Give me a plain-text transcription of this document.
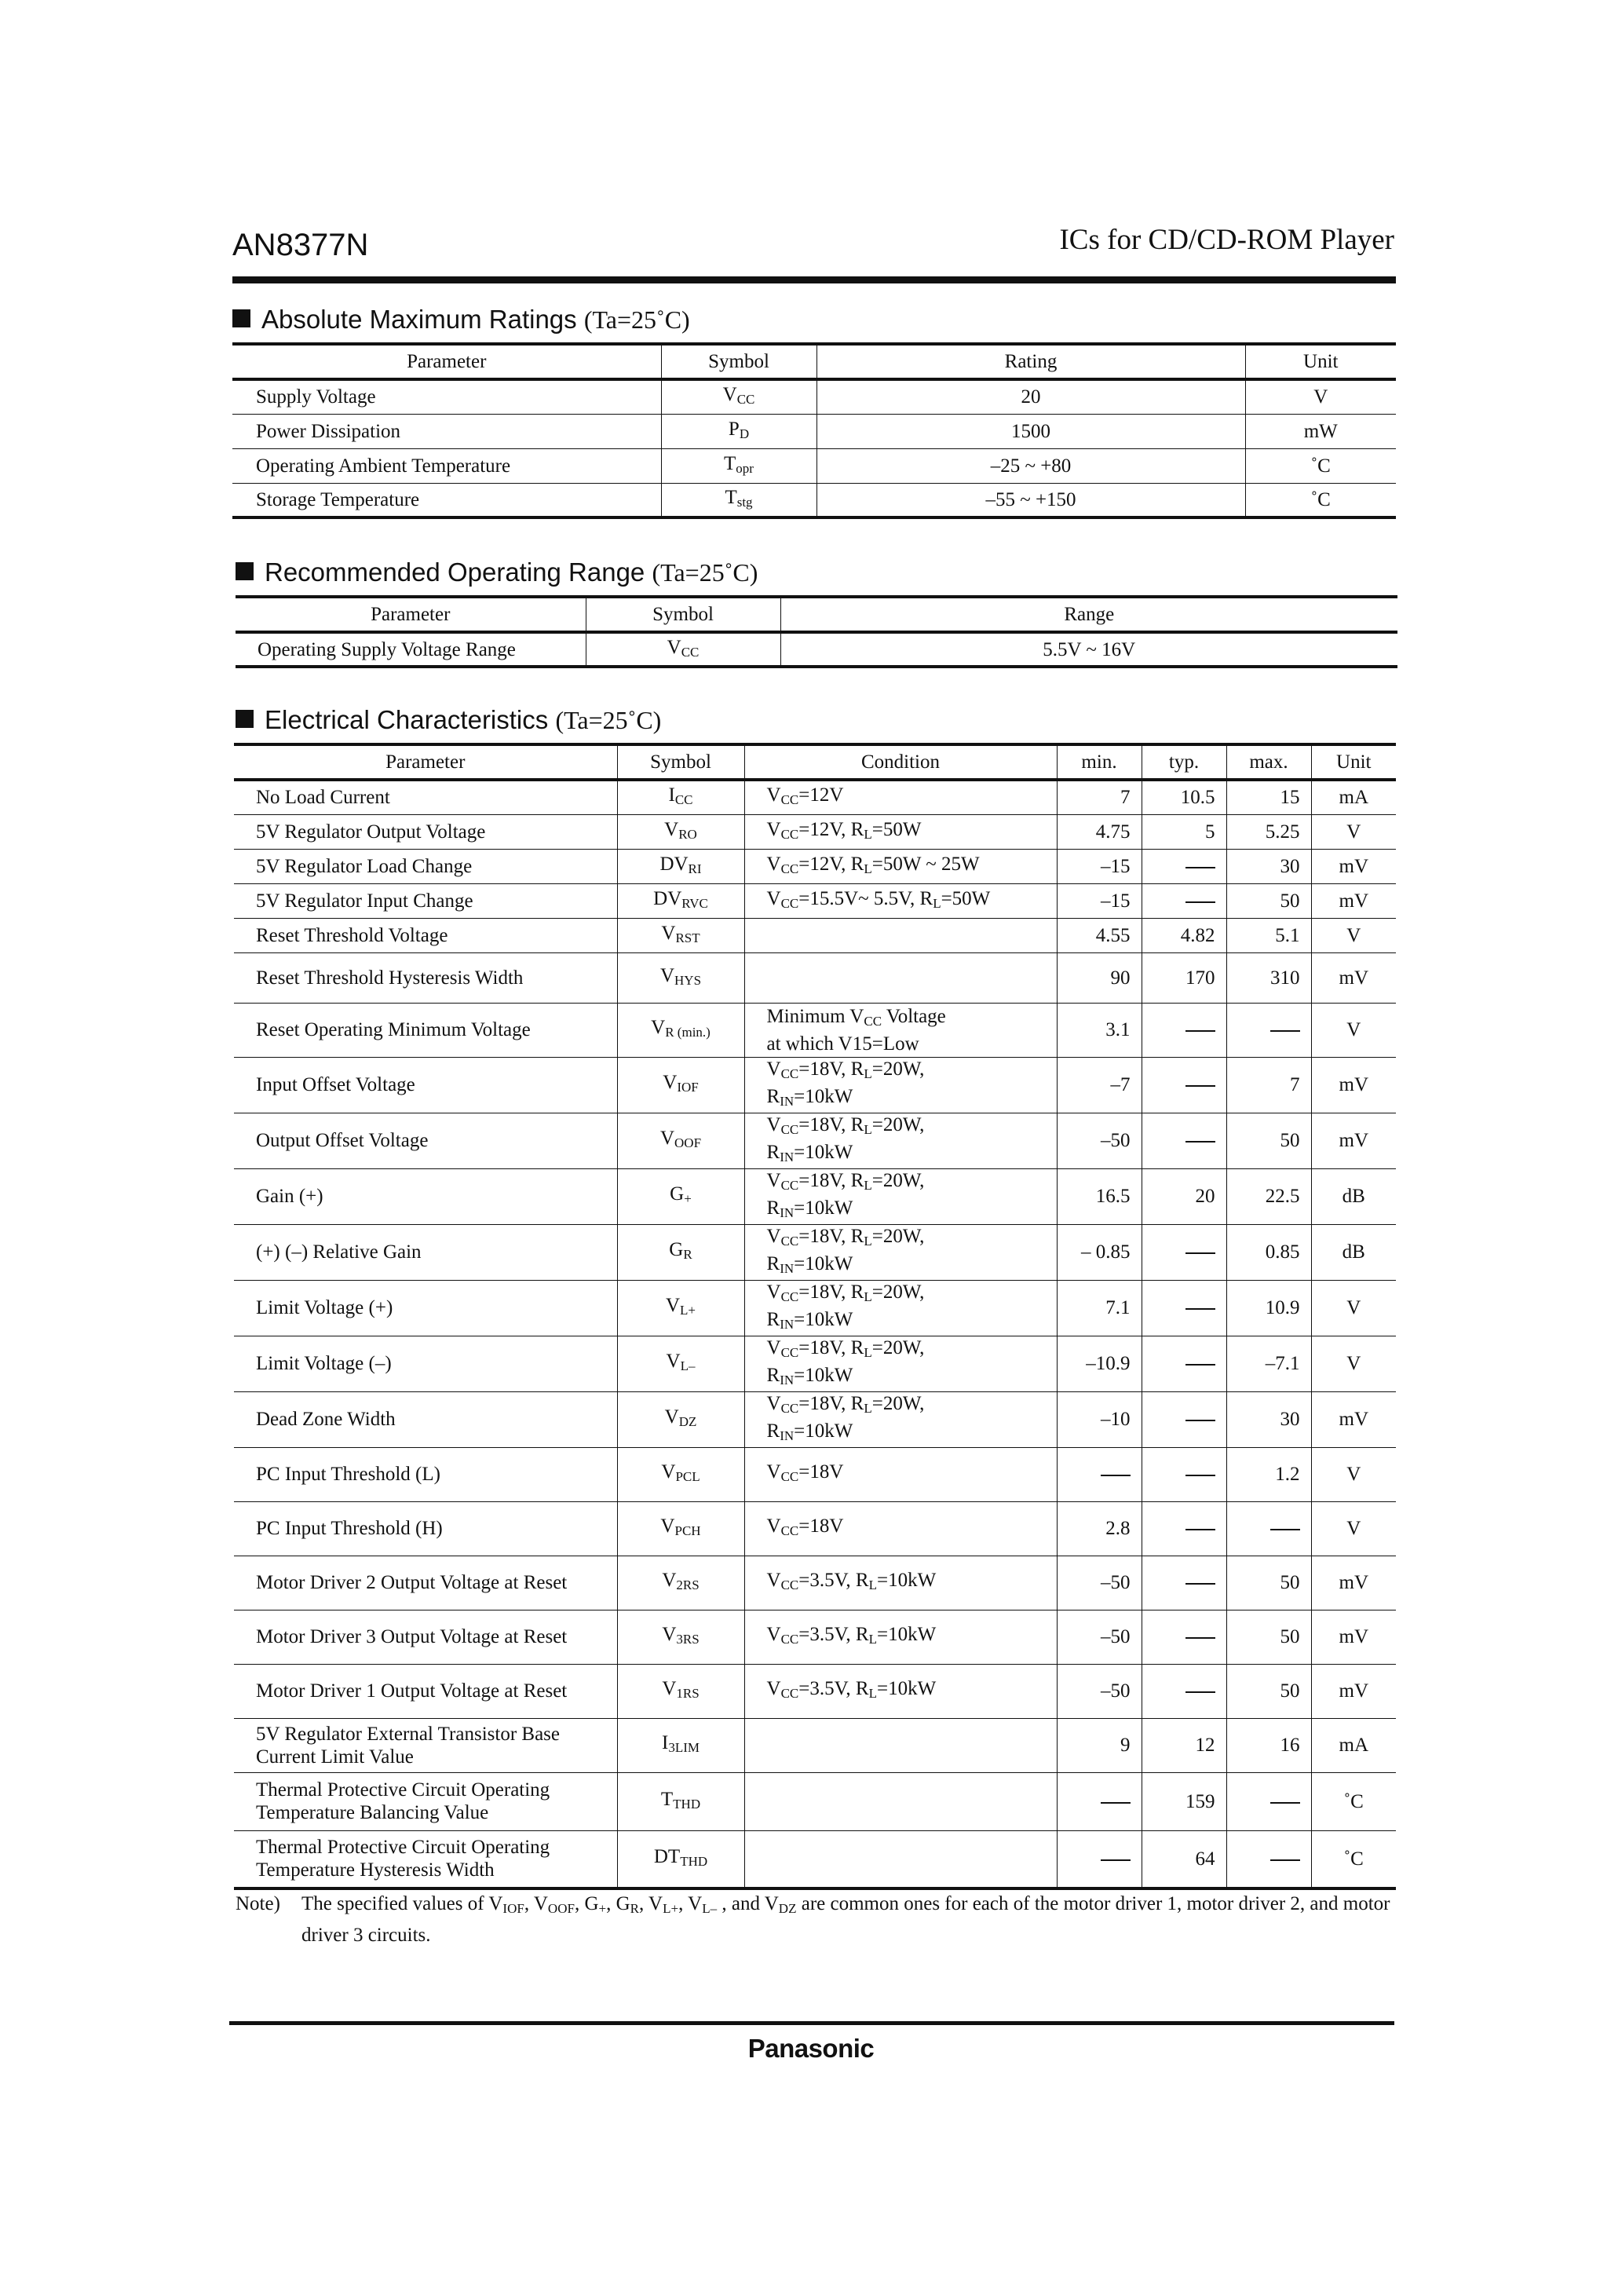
AN8377N	ICs for CD/CD-ROM Player
Absolute Maximum Ratings (Ta=25˚C)
Parameter	Symbol	Rating	Unit
Supply Voltage	$V_{CC}$	20	V
Power Dissipation	$P_D$	1500	mW
Operating Ambient Temperature	$T_{opr}$	–25 ~ +80	˚C
Storage Temperature	$T_{stg}$	–55 ~ +150	˚C
Recommended Operating Range (Ta=25˚C)
Parameter	Symbol	Range
Operating Supply Voltage Range	$V_{CC}$	5.5V ~ 16V
Electrical Characteristics (Ta=25˚C)
Parameter	Symbol	Condition	min.	typ.	max.	Unit
No Load Current	$I_{CC}$	$V_{CC}=12V$	7	10.5	15	mA
5V Regulator Output Voltage	$V_{RO}$	$V_{CC}=12V$, $R_L=50W$	4.75	5	5.25	V
5V Regulator Load Change	$DV_{RI}$	$V_{CC}=12V$, $R_L=50W$ ~ 25W	–15		30	mV
5V Regulator Input Change	$DV_{RVC}$	$V_{CC}=15.5V\sim$ 5.5V, $R_L=50W$	–15		50	mV
Reset Threshold Voltage	$V_{RST}$		4.55	4.82	5.1	V
Reset Threshold Hysteresis Width	$V_{HYS}$		90	170	310	mV
Reset Operating Minimum Voltage	$V_{R (min.)}$	Minimum $V_{CC}$ Voltage
at which V15=Low	3.1			V
Input Offset Voltage	$V_{IOF}$	$V_{CC}=18V$, $R_L=20W$,
$R_{IN}=10kW$	–7		7	mV
Output Offset Voltage	$V_{OOF}$	$V_{CC}=18V$, $R_L=20W$,
$R_{IN}=10kW$	–50		50	mV
Gain (+)	$G_+$	$V_{CC}=18V$, $R_L=20W$,
$R_{IN}=10kW$	16.5	20	22.5	dB
(+) (–) Relative Gain	$G_R$	$V_{CC}=18V$, $R_L=20W$,
$R_{IN}=10kW$	– 0.85		0.85	dB
Limit Voltage (+)	$V_{L+}$	$V_{CC}=18V$, $R_L=20W$,
$R_{IN}=10kW$	7.1		10.9	V
Limit Voltage (–)	$V_{L-}$	$V_{CC}=18V$, $R_L=20W$,
$R_{IN}=10kW$	–10.9		–7.1	V
Dead Zone Width	$V_{DZ}$	$V_{CC}=18V$, $R_L=20W$,
$R_{IN}=10kW$	–10		30	mV
PC Input Threshold (L)	$V_{PCL}$	$V_{CC}=18V$			1.2	V
PC Input Threshold (H)	$V_{PCH}$	$V_{CC}=18V$	2.8			V
Motor Driver 2 Output Voltage at Reset	$V_{2RS}$	$V_{CC}=3.5V$, $R_L=10kW$	–50		50	mV
Motor Driver 3 Output Voltage at Reset	$V_{3RS}$	$V_{CC}=3.5V$, $R_L=10kW$	–50		50	mV
Motor Driver 1 Output Voltage at Reset	$V_{1RS}$	$V_{CC}=3.5V$, $R_L=10kW$	–50		50	mV
5V Regulator External Transistor Base Current Limit Value	$I_{3LIM}$		9	12	16	mA
Thermal Protective Circuit Operating Temperature Balancing Value	$T_{THD}$			159		˚C
Thermal Protective Circuit Operating Temperature Hysteresis Width	$DT_{THD}$			64		˚C
Note) The specified values of $V_{IOF}$, $V_{OOF}$, $G_+$, $G_R$, $V_{L+}$, $V_{L-}$ , and $V_{DZ}$ are common ones for each of the motor driver 1, motor driver 2, and motor driver 3 circuits.
Panasonic
